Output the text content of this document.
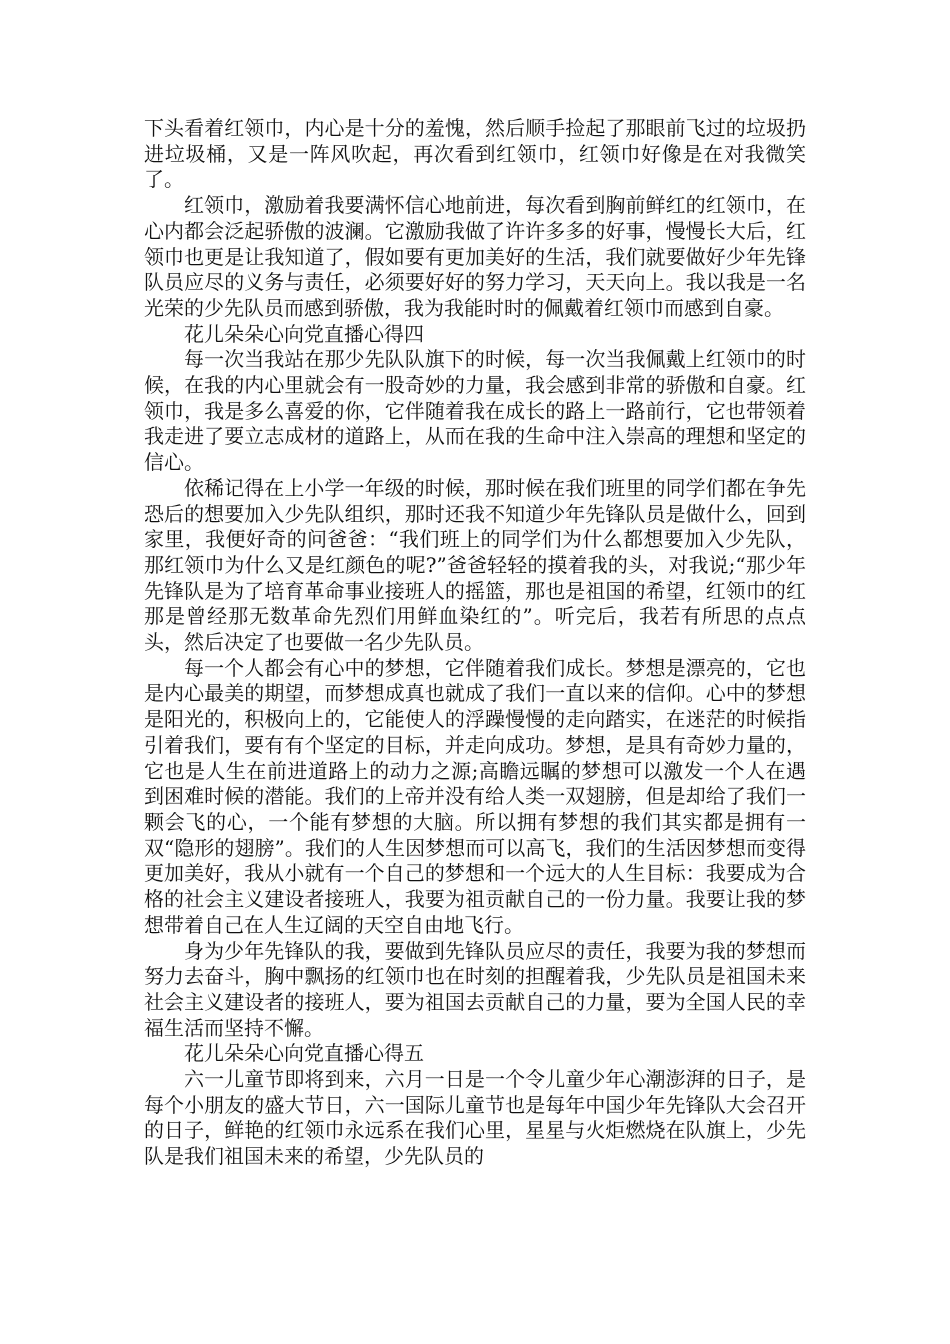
下头看着红领巾，内心是十分的羞愧，然后顺手捡起了那眼前飞过的垃圾扔进垃圾桶，又是一阵风吹起，再次看到红领巾，红领巾好像是在对我微笑了。

红领巾，激励着我要满怀信心地前进，每次看到胸前鲜红的红领巾，在心内都会泛起骄傲的波澜。它激励我做了许许多多的好事，慢慢长大后，红领巾也更是让我知道了，假如要有更加美好的生活，我们就要做好少年先锋队员应尽的义务与责任，必须要好好的努力学习，天天向上。我以我是一名光荣的少先队员而感到骄傲，我为我能时时的佩戴着红领巾而感到自豪。

花儿朵朵心向党直播心得四

每一次当我站在那少先队队旗下的时候，每一次当我佩戴上红领巾的时候，在我的内心里就会有一股奇妙的力量，我会感到非常的骄傲和自豪。红领巾，我是多么喜爱的你，它伴随着我在成长的路上一路前行，它也带领着我走进了要立志成材的道路上，从而在我的生命中注入崇高的理想和坚定的信心。

依稀记得在上小学一年级的时候，那时候在我们班里的同学们都在争先恐后的想要加入少先队组织，那时还我不知道少年先锋队员是做什么，回到家里，我便好奇的问爸爸：“我们班上的同学们为什么都想要加入少先队，那红领巾为什么又是红颜色的呢?”爸爸轻轻的摸着我的头，对我说;“那少年先锋队是为了培育革命事业接班人的摇篮，那也是祖国的希望，红领巾的红那是曾经那无数革命先烈们用鲜血染红的”。听完后，我若有所思的点点头，然后决定了也要做一名少先队员。

每一个人都会有心中的梦想，它伴随着我们成长。梦想是漂亮的，它也是内心最美的期望，而梦想成真也就成了我们一直以来的信仰。心中的梦想是阳光的，积极向上的，它能使人的浮躁慢慢的走向踏实，在迷茫的时候指引着我们，要有有个坚定的目标，并走向成功。梦想，是具有奇妙力量的，它也是人生在前进道路上的动力之源;高瞻远瞩的梦想可以激发一个人在遇到困难时候的潜能。我们的上帝并没有给人类一双翅膀，但是却给了我们一颗会飞的心，一个能有梦想的大脑。所以拥有梦想的我们其实都是拥有一双“隐形的翅膀”。我们的人生因梦想而可以高飞，我们的生活因梦想而变得更加美好，我从小就有一个自己的梦想和一个远大的人生目标：我要成为合格的社会主义建设者接班人，我要为祖贡献自己的一份力量。我要让我的梦想带着自己在人生辽阔的天空自由地飞行。

身为少年先锋队的我，要做到先锋队员应尽的责任，我要为我的梦想而努力去奋斗，胸中飘扬的红领巾也在时刻的担醒着我，少先队员是祖国未来社会主义建设者的接班人，要为祖国去贡献自己的力量，要为全国人民的幸福生活而坚持不懈。

花儿朵朵心向党直播心得五

六一儿童节即将到来，六月一日是一个令儿童少年心潮澎湃的日子，是每个小朋友的盛大节日，六一国际儿童节也是每年中国少年先锋队大会召开的日子，鲜艳的红领巾永远系在我们心里，星星与火炬燃烧在队旗上，少先队是我们祖国未来的希望，少先队员的
